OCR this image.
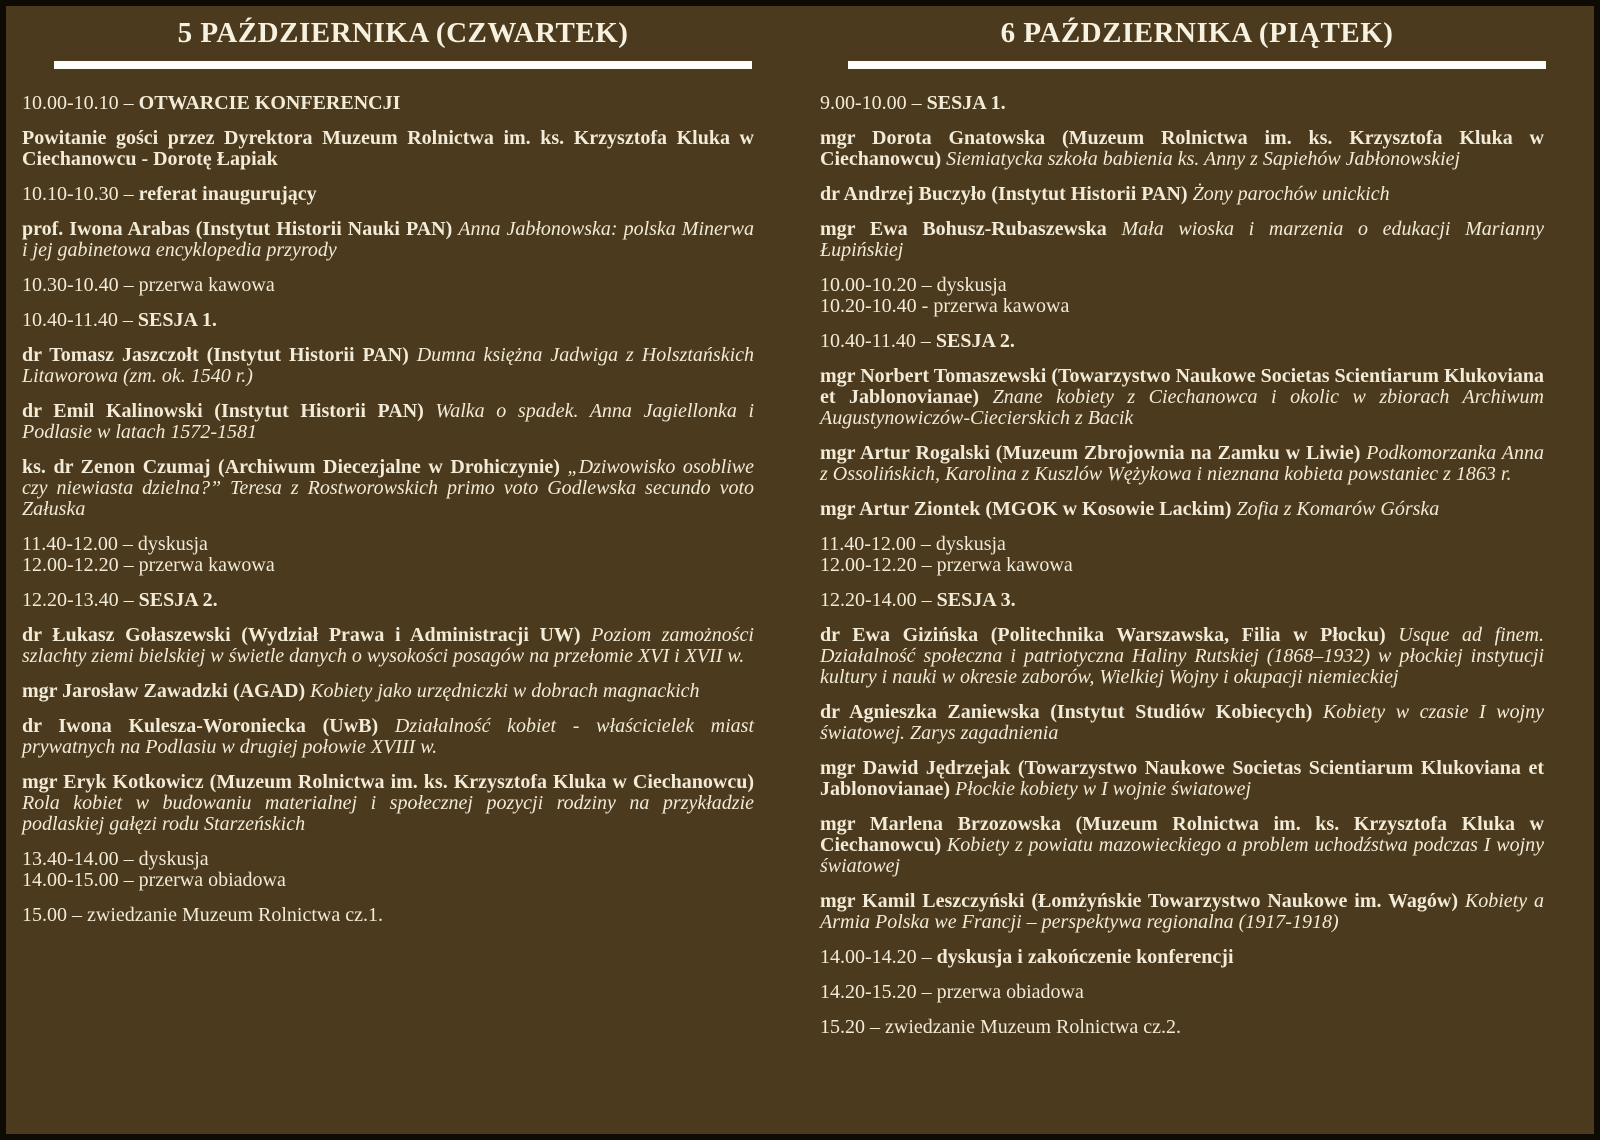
5 PAŹDZIERNIKA (CZWARTEK)

10.00-10.10 – OTWARCIE KONFERENCJI

Powitanie gości przez Dyrektora Muzeum Rolnictwa im. ks. Krzysztofa Kluka w Ciechanowcu - Dorotę Łapiak

10.10-10.30 – referat inaugurujący

prof. Iwona Arabas (Instytut Historii Nauki PAN) Anna Jabłonowska: polska Minerwa i jej gabinetowa encyklopedia przyrody

10.30-10.40 – przerwa kawowa

10.40-11.40 – SESJA 1.

dr Tomasz Jaszczołt (Instytut Historii PAN) Dumna księżna Jadwiga z Holsztańskich Litaworowa (zm. ok. 1540 r.)

dr Emil Kalinowski (Instytut Historii PAN) Walka o spadek. Anna Jagiellonka i Podlasie w latach 1572-1581

ks. dr Zenon Czumaj (Archiwum Diecezjalne w Drohiczynie) „Dziwowisko osobliwe czy niewiasta dzielna?” Teresa z Rostworowskich primo voto Godlewska secundo voto Załuska

11.40-12.00 – dyskusja

12.00-12.20 – przerwa kawowa

12.20-13.40 – SESJA 2.

dr Łukasz Gołaszewski (Wydział Prawa i Administracji UW) Poziom zamożności szlachty ziemi bielskiej w świetle danych o wysokości posagów na przełomie XVI i XVII w.

mgr Jarosław Zawadzki (AGAD) Kobiety jako urzędniczki w dobrach magnackich

dr Iwona Kulesza-Woroniecka (UwB) Działalność kobiet - właścicielek miast prywatnych na Podlasiu w drugiej połowie XVIII w.

mgr Eryk Kotkowicz (Muzeum Rolnictwa im. ks. Krzysztofa Kluka w Ciechanowcu) Rola kobiet w budowaniu materialnej i społecznej pozycji rodziny na przykładzie podlaskiej gałęzi rodu Starzeńskich

13.40-14.00 – dyskusja

14.00-15.00 – przerwa obiadowa

15.00 – zwiedzanie Muzeum Rolnictwa cz.1.

6 PAŹDZIERNIKA (PIĄTEK)

9.00-10.00 – SESJA 1.

mgr Dorota Gnatowska (Muzeum Rolnictwa im. ks. Krzysztofa Kluka w Ciechanowcu) Siemiatycka szkoła babienia ks. Anny z Sapiehów Jabłonowskiej

dr Andrzej Buczyło (Instytut Historii PAN) Żony parochów unickich

mgr Ewa Bohusz-Rubaszewska Mała wioska i marzenia o edukacji Marianny Łupińskiej

10.00-10.20 – dyskusja

10.20-10.40 - przerwa kawowa

10.40-11.40 – SESJA 2.

mgr Norbert Tomaszewski (Towarzystwo Naukowe Societas Scientiarum Klukoviana et Jablonovianae) Znane kobiety z Ciechanowca i okolic w zbiorach Archiwum Augustynowiczów-Ciecierskich z Bacik

mgr Artur Rogalski (Muzeum Zbrojownia na Zamku w Liwie) Podkomorzanka Anna z Ossolińskich, Karolina z Kuszlów Wężykowa i nieznana kobieta powstaniec z 1863 r.

mgr Artur Ziontek (MGOK w Kosowie Lackim) Zofia z Komarów Górska

11.40-12.00 – dyskusja

12.00-12.20 – przerwa kawowa

12.20-14.00 – SESJA 3.

dr Ewa Gizińska (Politechnika Warszawska, Filia w Płocku) Usque ad finem. Działalność społeczna i patriotyczna Haliny Rutskiej (1868–1932) w płockiej instytucji kultury i nauki w okresie zaborów, Wielkiej Wojny i okupacji niemieckiej

dr Agnieszka Zaniewska (Instytut Studiów Kobiecych) Kobiety w czasie I wojny światowej. Zarys zagadnienia

mgr Dawid Jędrzejak (Towarzystwo Naukowe Societas Scientiarum Klukoviana et Jablonovianae) Płockie kobiety w I wojnie światowej

mgr Marlena Brzozowska (Muzeum Rolnictwa im. ks. Krzysztofa Kluka w Ciechanowcu) Kobiety z powiatu mazowieckiego a problem uchodźstwa podczas I wojny światowej

mgr Kamil Leszczyński (Łomżyńskie Towarzystwo Naukowe im. Wagów) Kobiety a Armia Polska we Francji – perspektywa regionalna (1917-1918)

14.00-14.20 – dyskusja i zakończenie konferencji

14.20-15.20 – przerwa obiadowa

15.20 – zwiedzanie Muzeum Rolnictwa cz.2.
